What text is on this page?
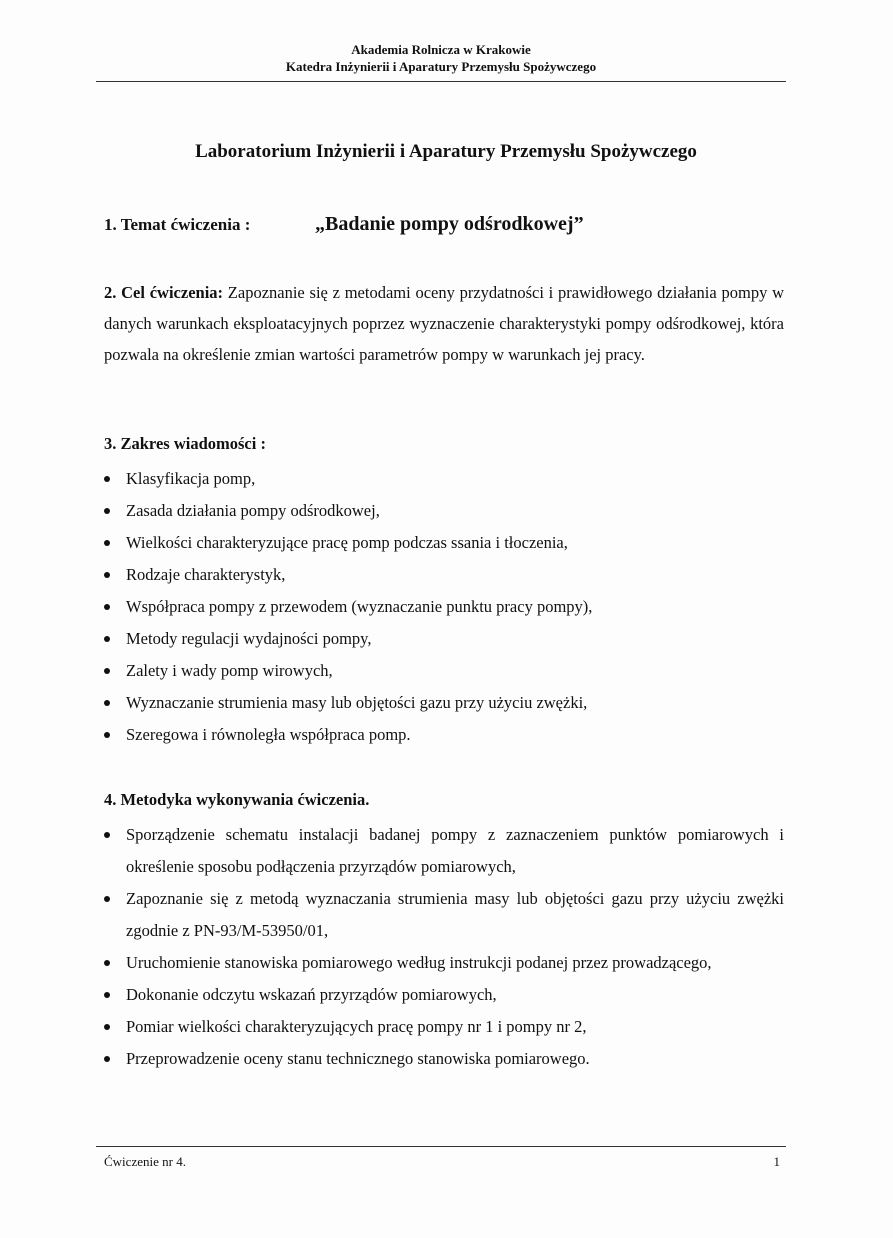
Akademia Rolnicza w Krakowie
Katedra Inżynierii i Aparatury Przemysłu Spożywczego
Laboratorium Inżynierii i Aparatury Przemysłu Spożywczego
1. Temat ćwiczenia :	„Badanie pompy odśrodkowej”
2. Cel ćwiczenia: Zapoznanie się z metodami oceny przydatności i prawidłowego działania pompy w danych warunkach eksploatacyjnych poprzez wyznaczenie charakterystyki pompy odśrodkowej, która pozwala na określenie zmian wartości parametrów pompy w warunkach jej pracy.
3. Zakres wiadomości :
Klasyfikacja pomp,
Zasada działania pompy odśrodkowej,
Wielkości charakteryzujące pracę pomp podczas ssania i tłoczenia,
Rodzaje charakterystyk,
Współpraca pompy z przewodem (wyznaczanie punktu pracy pompy),
Metody regulacji wydajności pompy,
Zalety i wady pomp wirowych,
Wyznaczanie strumienia masy lub objętości gazu przy użyciu zwężki,
Szeregowa i równoległa współpraca pomp.
4. Metodyka wykonywania ćwiczenia.
Sporządzenie schematu instalacji badanej pompy z zaznaczeniem punktów pomiarowych i określenie sposobu podłączenia przyrządów pomiarowych,
Zapoznanie się z metodą wyznaczania strumienia masy lub objętości gazu przy użyciu zwężki zgodnie z PN-93/M-53950/01,
Uruchomienie stanowiska pomiarowego według instrukcji podanej przez prowadzącego,
Dokonanie odczytu wskazań przyrządów pomiarowych,
Pomiar wielkości charakteryzujących pracę pompy nr 1 i pompy nr 2,
Przeprowadzenie oceny stanu technicznego stanowiska pomiarowego.
Ćwiczenie nr 4.	1
